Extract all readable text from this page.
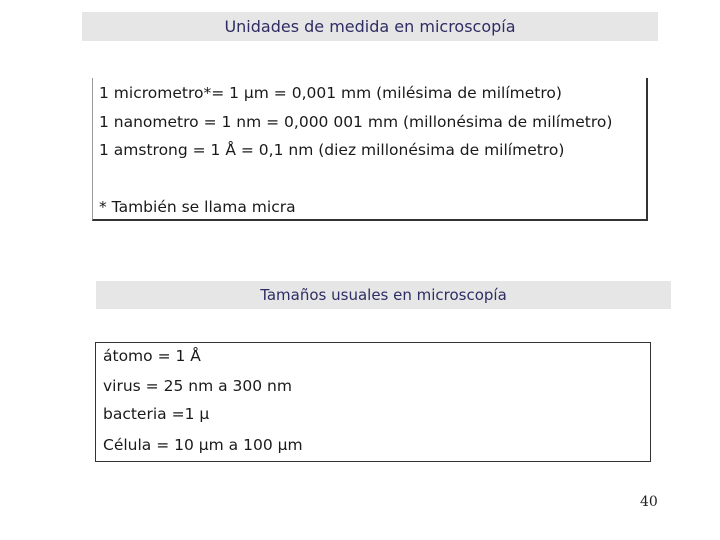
Unidades de medida en microscopía
1 micrometro*= 1 µm = 0,001 mm (milésima de milímetro)
1 nanometro = 1 nm = 0,000 001 mm (millonésima de milímetro)
1 amstrong = 1 Å = 0,1 nm (diez millonésima de milímetro)
* También se llama micra
Tamaños usuales en microscopía
átomo = 1 Å
virus = 25 nm a 300 nm
bacteria =1 µ
Célula = 10 µm a 100 µm
40
